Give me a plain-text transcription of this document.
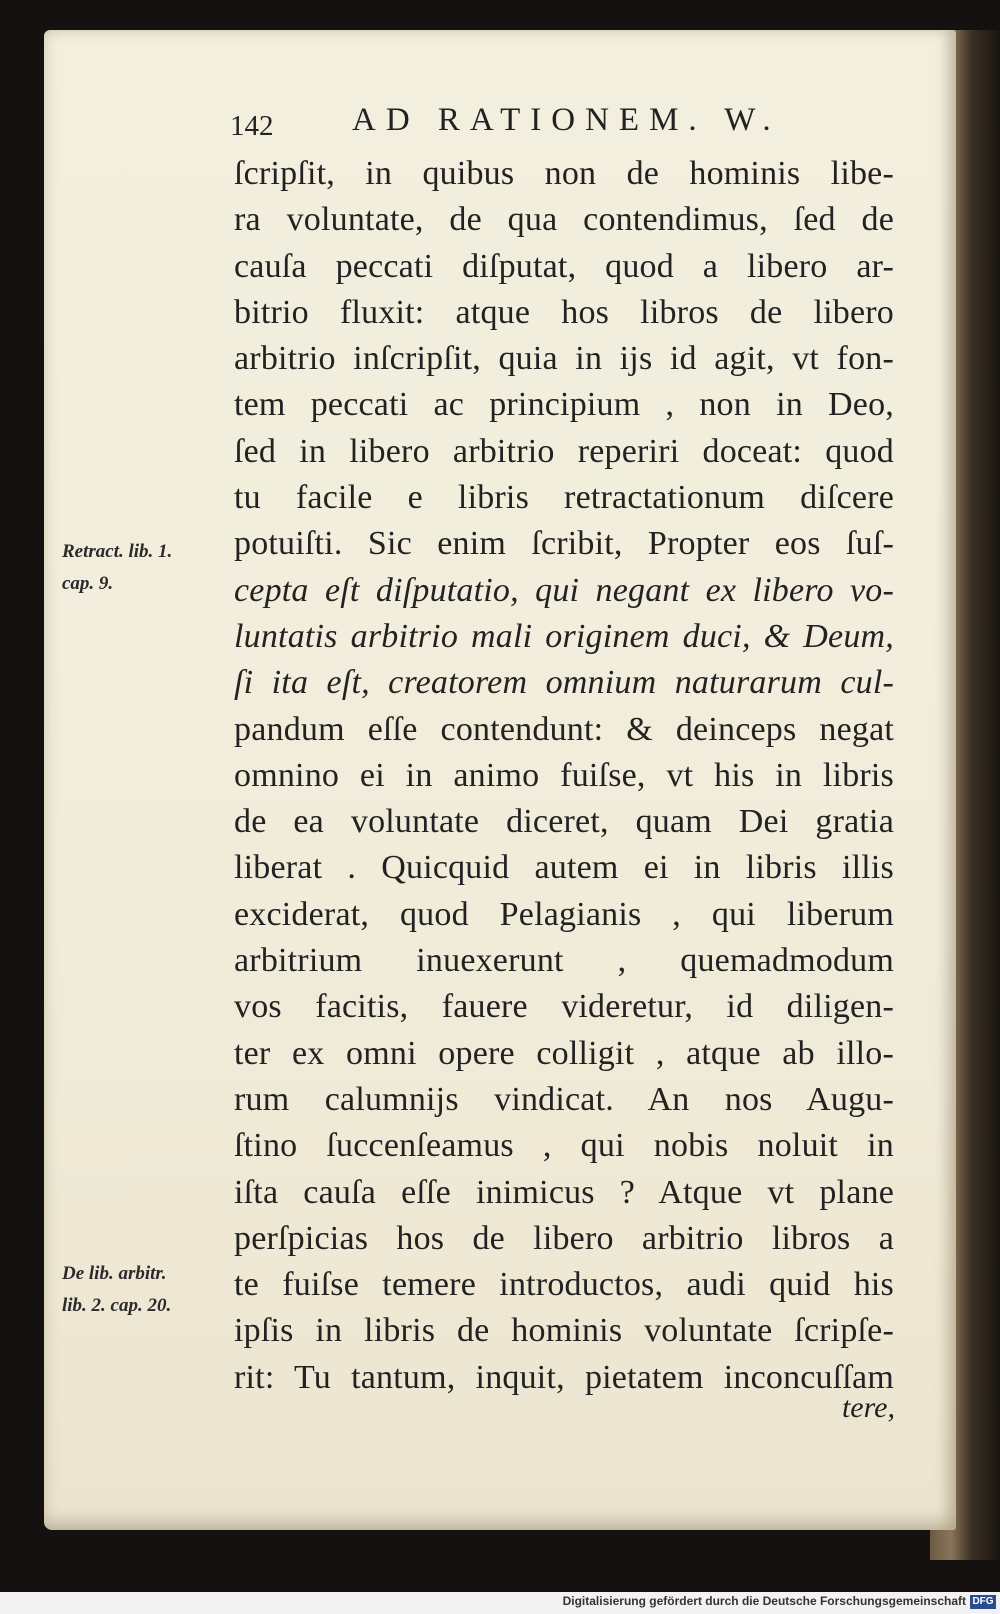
142 AD RATIONEM. W.
ſcripſit, in quibus non de hominis libe-
ra voluntate, de qua contendimus, ſed de
cauſa peccati diſputat, quod a libero ar-
bitrio fluxit: atque hos libros de libero
arbitrio inſcripſit, quia in ijs id agit, vt fon-
tem peccati ac principium , non in Deo,
ſed in libero arbitrio reperiri doceat: quod
tu facile e libris retractationum diſcere
potuiſti. Sic enim ſcribit, Propter eos ſuſ-
cepta eſt diſputatio, qui negant ex libero vo-
luntatis arbitrio mali originem duci, & Deum,
ſi ita eſt, creatorem omnium naturarum cul-
pandum eſſe contendunt: & deinceps negat
omnino ei in animo fuiſse, vt his in libris
de ea voluntate diceret, quam Dei gratia
liberat . Quicquid autem ei in libris illis
exciderat, quod Pelagianis , qui liberum
arbitrium inuexerunt , quemadmodum
vos facitis, fauere videretur, id diligen-
ter ex omni opere colligit , atque ab illo-
rum calumnijs vindicat. An nos Augu-
ſtino ſuccenſeamus , qui nobis noluit in
iſta cauſa eſſe inimicus ? Atque vt plane
perſpicias hos de libero arbitrio libros a
te fuiſse temere introductos, audi quid his
ipſis in libris de hominis voluntate ſcripſe-
rit: Tu tantum, inquit, pietatem inconcuſſam
tere,
Retract. lib. 1.
cap. 9.
De lib. arbitr.
lib. 2. cap. 20.
Digitalisierung gefördert durch die Deutsche Forschungsgemeinschaft DFG
